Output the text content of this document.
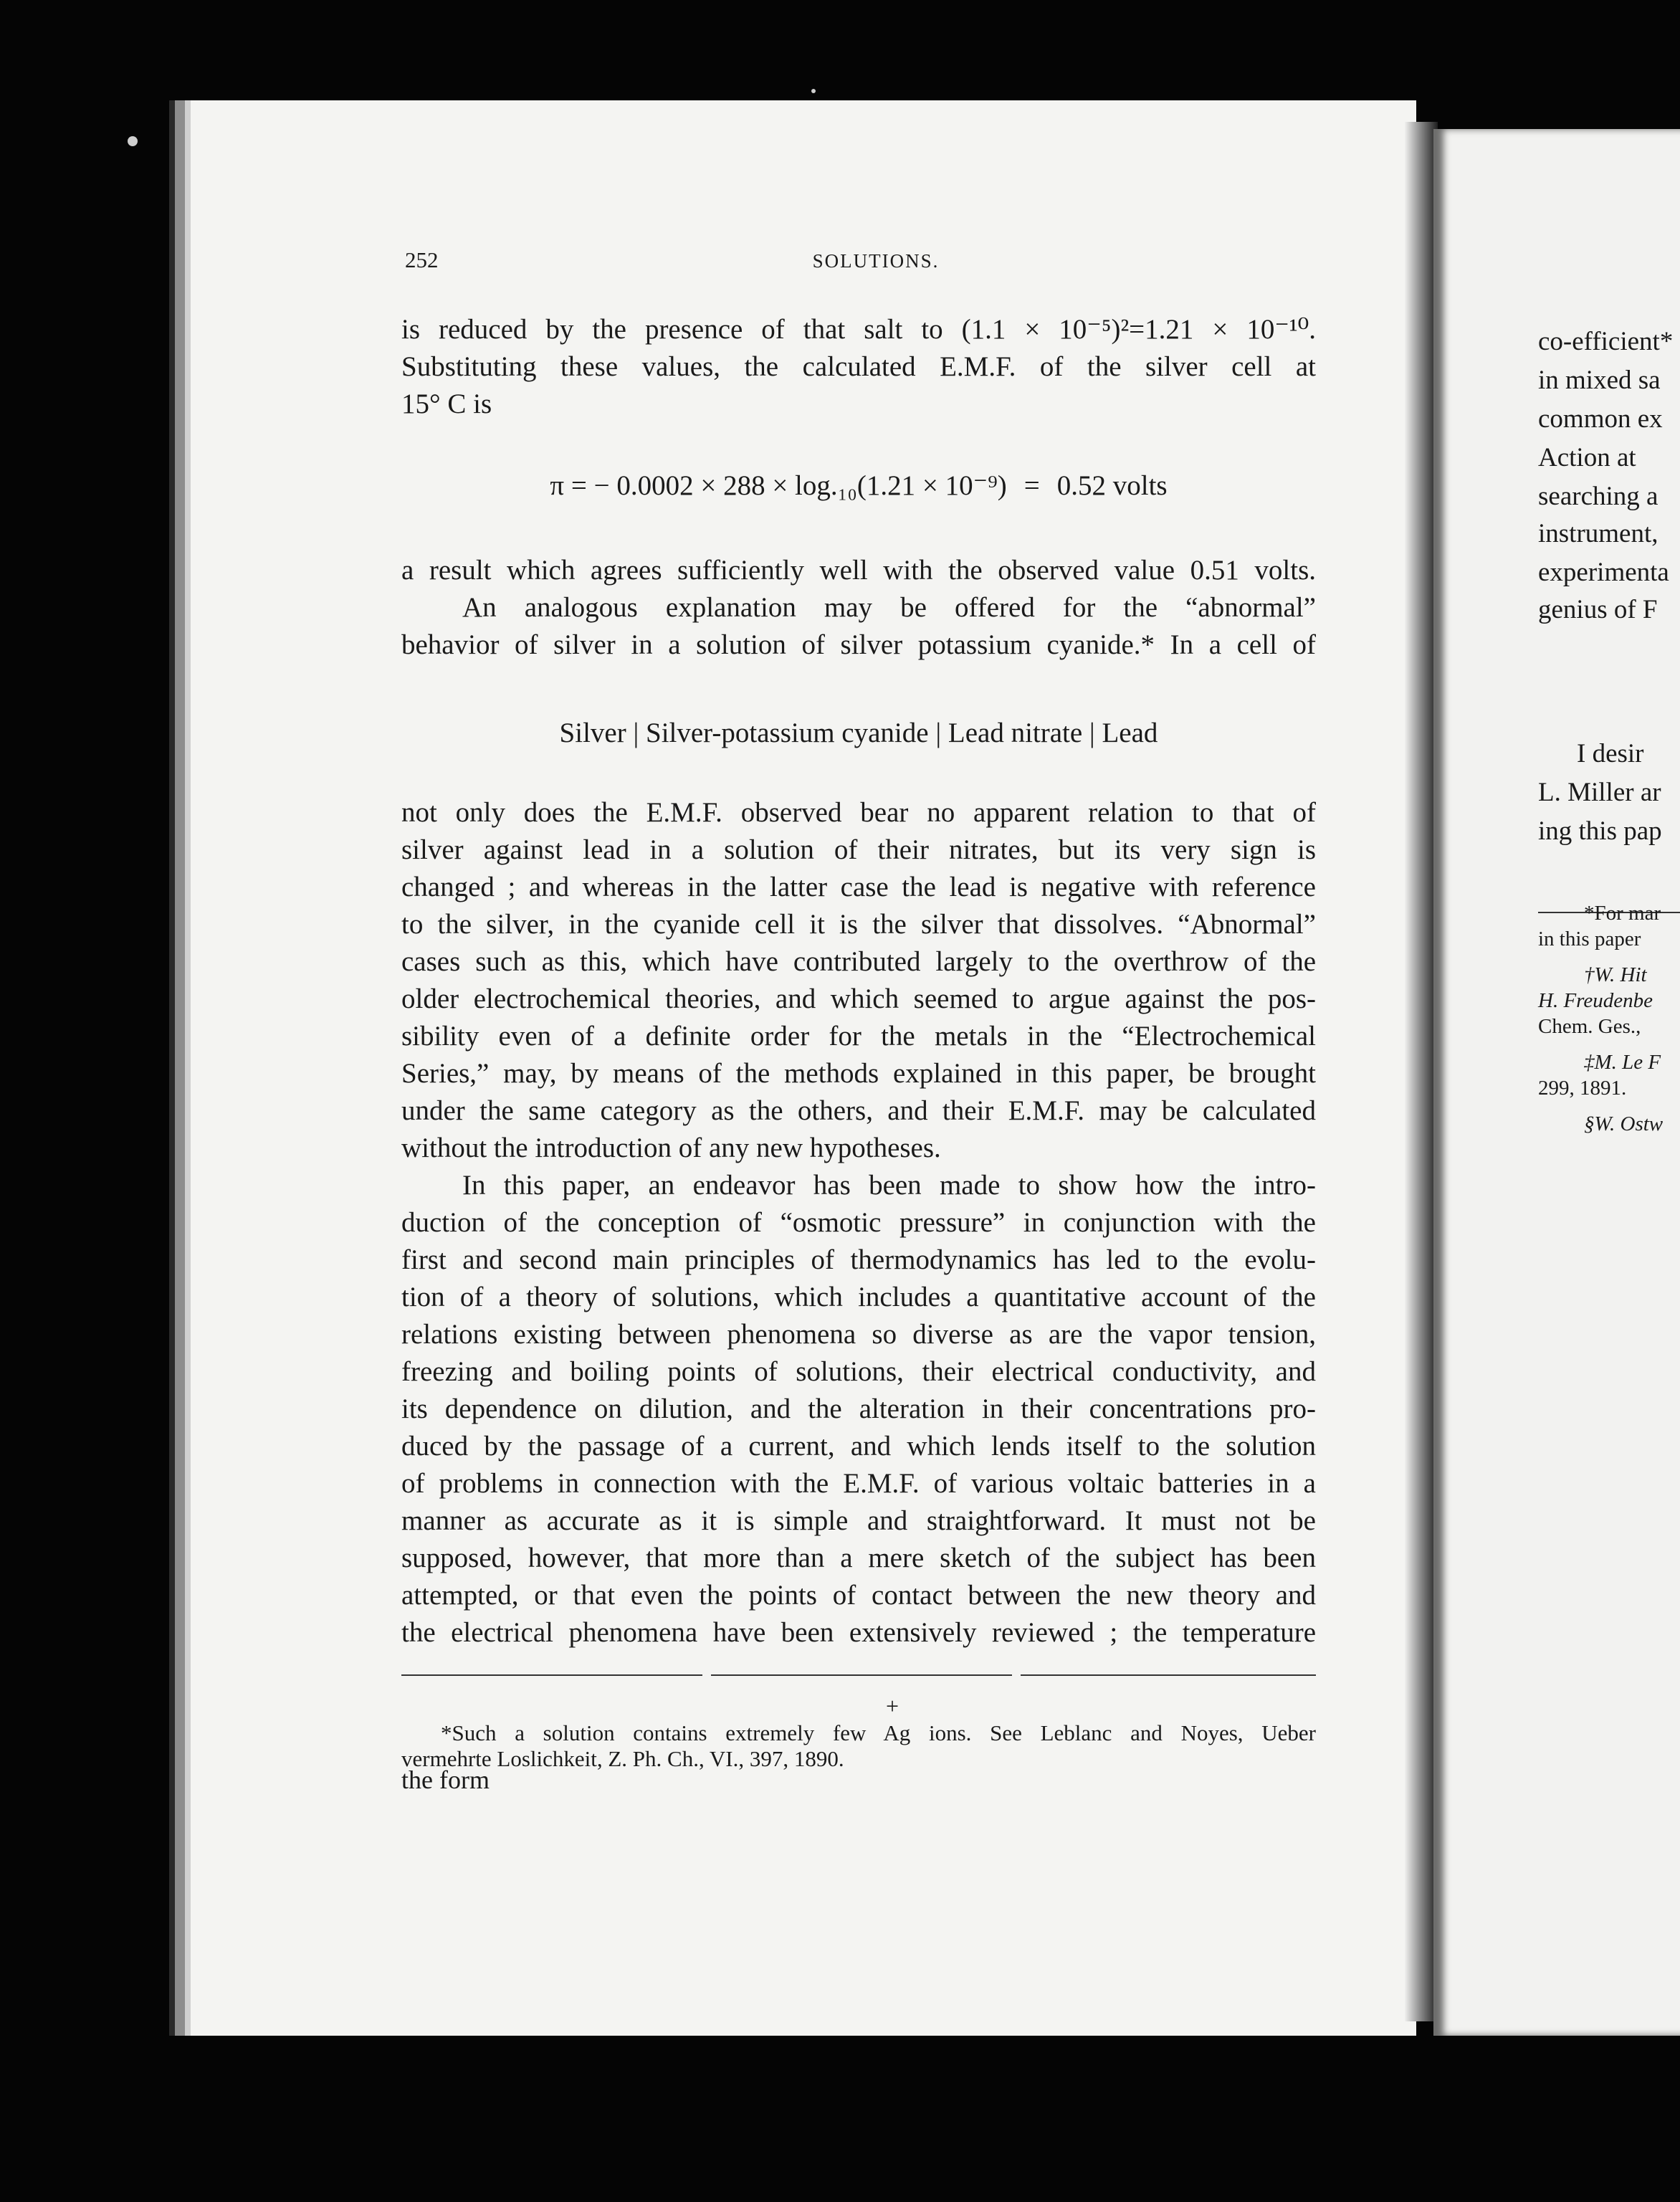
252	SOLUTIONS.
is reduced by the presence of that salt to (1.1 × 10⁻⁵)²=1.21 × 10⁻¹⁰.
Substituting these values, the calculated E.M.F. of the silver cell at
15° C is
π = − 0.0002 × 288 × log.₁₀(1.21 × 10⁻⁹) = 0.52 volts
a result which agrees sufficiently well with the observed value 0.51 volts.
An analogous explanation may be offered for the “abnormal”
behavior of silver in a solution of silver potassium cyanide.* In a cell of
Silver | Silver-potassium cyanide | Lead nitrate | Lead
not only does the E.M.F. observed bear no apparent relation to that of
silver against lead in a solution of their nitrates, but its very sign is
changed ; and whereas in the latter case the lead is negative with reference
to the silver, in the cyanide cell it is the silver that dissolves. “Abnormal”
cases such as this, which have contributed largely to the overthrow of the
older electrochemical theories, and which seemed to argue against the pos-
sibility even of a definite order for the metals in the “Electrochemical
Series,” may, by means of the methods explained in this paper, be brought
under the same category as the others, and their E.M.F. may be calculated
without the introduction of any new hypotheses.
In this paper, an endeavor has been made to show how the intro-
duction of the conception of “osmotic pressure” in conjunction with the
first and second main principles of thermodynamics has led to the evolu-
tion of a theory of solutions, which includes a quantitative account of the
relations existing between phenomena so diverse as are the vapor tension,
freezing and boiling points of solutions, their electrical conductivity, and
its dependence on dilution, and the alteration in their concentrations pro-
duced by the passage of a current, and which lends itself to the solution
of problems in connection with the E.M.F. of various voltaic batteries in a
manner as accurate as it is simple and straightforward. It must not be
supposed, however, that more than a mere sketch of the subject has been
attempted, or that even the points of contact between the new theory and
the electrical phenomena have been extensively reviewed ; the temperature
+
*Such a solution contains extremely few Ag ions. See Leblanc and Noyes, Ueber
vermehrte Loslichkeit, Z. Ph. Ch., VI., 397, 1890.
the form
co-efficient*
in mixed sa
common ex
Action at
searching a
instrument,
experimenta
genius of F
I desir
L. Miller ar
ing this pap
*For mar
in this paper
†W. Hit
H. Freudenbe
Chem. Ges.,
‡M. Le F
299, 1891.
§W. Ostw
